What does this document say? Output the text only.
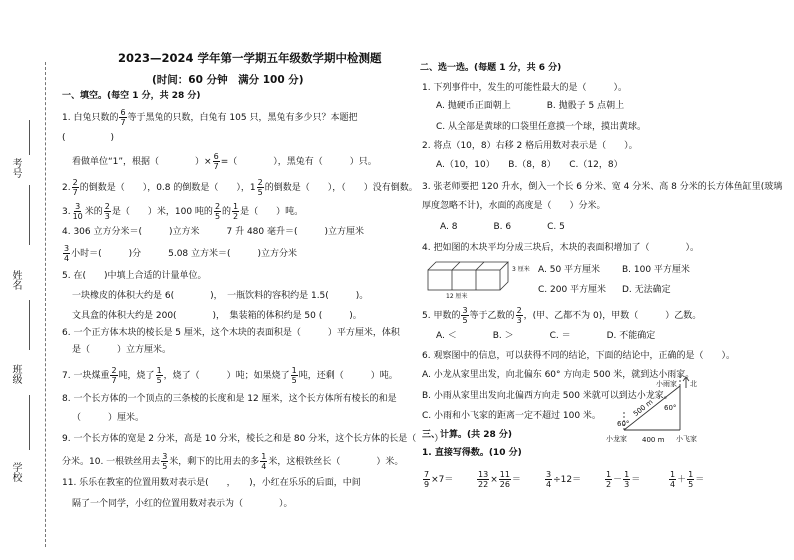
考号
姓名
班级
学校
2023—2024 学年第一学期五年级数学期中检测题
(时间：60 分钟　满分 100 分)
一、填空。(每空 1 分，共 28 分)
1. 白兔只数的 $\frac{6}{7}$ 等于黑兔的只数，白兔有 105 只，黑兔有多少只？本题把
(　　　　　)
看做单位“1”，根据（　　　　）× $\frac{6}{7}$ =（　　　　），黑兔有（　　　）只。
2. $\frac{2}{7}$ 的倒数是（　　），0.8 的倒数是（　　），$1 \frac{2}{5}$ 的倒数是（　　），（　　）没有倒数。
3. $\frac{3}{10}$ 米的 $\frac{2}{3}$ 是（　　）米，100 吨的 $\frac{2}{5}$ 的 $\frac{1}{2}$ 是（　　）吨。
4. 306 立方分米＝(　　　)立方米　　　7 升 480 毫升＝(　　　)立方厘米
$\frac{3}{4}$ 小时＝(　　　)分　　　5.08 立方米＝(　　　)立方分米
5. 在(　　)中填上合适的计量单位。
一块橡皮的体积大约是 6(　　　　)，　一瓶饮料的容积约是 1.5(　　　)。
文具盒的体积大约是 200(　　　　)，　集装箱的体积约是 50 (　　　)。
6. 一个正方体木块的棱长是 5 厘米，这个木块的表面积是（　　　）平方厘米，体积
是（　　　）立方厘米。
7. 一块煤重 $\frac{2}{7}$ 吨，烧了 $\frac{1}{5}$ ，烧了（　　　）吨；如果烧了 $\frac{1}{5}$ 吨，还剩（　　　）吨。
8. 一个长方体的一个顶点的三条棱的长度和是 12 厘米，这个长方体所有棱长的和是
（　　　）厘米。
9. 一个长方体的宽是 2 分米，高是 10 分米，棱长之和是 80 分米，这个长方体的长是（　　）
分米。10. 一根铁丝用去 $\frac{3}{5}$ 米，剩下的比用去的多 $\frac{1}{4}$ 米，这根铁丝长（　　　　）米。
11. 乐乐在教室的位置用数对表示是(　　，　　)，小红在乐乐的后面，中间
隔了一个同学，小红的位置用数对表示为（　　　　）。
二、选一选。(每题 1 分，共 6 分)
1. 下列事件中，发生的可能性最大的是（　　　）。
A. 抛硬币正面朝上　　　　B. 抛骰子 5 点朝上
C. 从全部是黄球的口袋里任意摸一个球，摸出黄球。
2. 将点（10，8）右移 2 格后用数对表示是（　　）。
A.（10，10）　　B.（8，8）　　C.（12，8）
3. 张老师要把 120 升水，倒入一个长 6 分米、宽 4 分米、高 8 分米的长方体鱼缸里(玻璃
厚度忽略不计)，水面的高度是（　　）分米。
A. 8　　　　B. 6　　　　C. 5
4. 把如图的木块平均分成三块后，木块的表面积增加了（　　　　）。
3 厘米
12 厘米
A. 50 平方厘米 B. 100 平方厘米
C. 200 平方厘米 D. 无法确定
5. 甲数的 $\frac{3}{5}$ 等于乙数的 $\frac{2}{3}$ ，(甲、乙都不为 0)，甲数（　　　）乙数。
A. ＜　　　　B. ＞　　　　C. ＝　　　　D. 不能确定
6. 观察图中的信息，可以获得不同的结论，下面的结论中，正确的是（　　）。
A. 小龙从家里出发，向北偏东 60° 方向走 500 米，就到达小雨家。
B. 小雨从家里出发向北偏西方向走 500 米就可以到达小龙家。
C. 小雨和小飞家的距离一定不超过 100 米。
小雨家 北
500 m 60°
60°
小龙家 400 m 小飞家
三、计算。(共 28 分)
1. 直接写得数。(10 分)
$\frac{7}{9} \times 7=$	$\frac{13}{22} \times \frac{11}{26}$ ＝	$\frac{3}{4} \div 12=$	$\frac{1}{2} - \frac{1}{3}$ ＝	$\frac{1}{4} + \frac{1}{5}$ ＝
